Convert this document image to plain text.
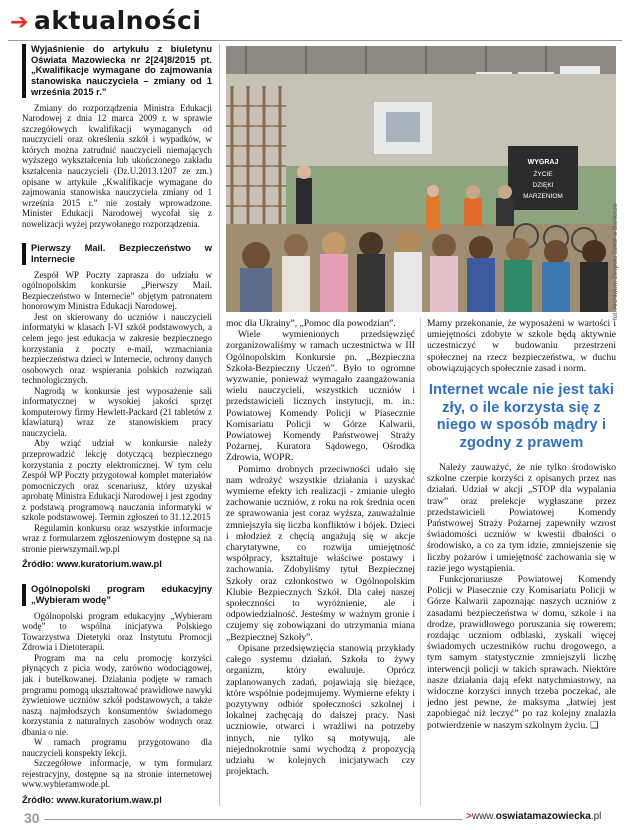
➔ aktualności
Wyjaśnienie do artykułu z biuletynu Oświata Mazowiecka nr 2[24]8/2015 pt. „Kwalifikacje wymagane do zajmowania stanowiska nauczyciela – zmiany od 1 września 2015 r.”

Zmiany do rozporządzenia Ministra Edukacji Narodowej z dnia 12 marca 2009 r. w sprawie szczegółowych kwalifikacji wymaganych od nauczycieli oraz określenia szkół i wypadków, w których można zatrudnić nauczycieli niemających wyższego wykształcenia lub ukończonego zakładu kształcenia nauczycieli (Dz.U.2013.1207 ze zm.) opisane w artykule „Kwalifikacje wymagane do zajmowania stanowiska nauczyciela zmiany od 1 września 2015 r.” nie zostały wprowadzone. Minister Edukacji Narodowej wycofał się z nowelizacji wyżej przywołanego rozporządzenia.

Pierwszy Mail. Bezpieczeństwo w Internecie

Zespół WP Poczty zaprasza do udziału w ogólnopolskim konkursie „Pierwszy Mail. Bezpieczeństwo w Internecie” objętym patronatem honorowym Ministra Edukacji Narodowej.

Jest on skierowany do uczniów i nauczycieli informatyki w klasach I-VI szkół podstawowych, a celem jego jest edukacja w zakresie bezpiecznego korzystania z poczty e-mail, wzmacniania bezpieczeństwa dzieci w Internecie, ochrony danych osobowych oraz wspierania polskich rozwiązań technologicznych.

Nagrodą w konkursie jest wyposażenie sali informatycznej w wysokiej jakości sprzęt komputerowy firmy Hewlett-Packard (21 tabletów z klawiaturą) wraz ze stanowiskiem pracy nauczyciela.

Aby wziąć udział w konkursie należy przeprowadzić lekcję dotyczącą bezpiecznego korzystania z poczty elektronicznej. W tym celu Zespół WP Poczty przygotował komplet materiałów pomocniczych oraz scenariusz, który uzyskał aprobatę Ministra Edukacji Narodowej i jest zgodny z podstawą programową nauczania informatyki w szkole podstawowej. Termin zgłoszeń to 31.12.2015

Regulamin konkursu oraz wszystkie informacje wraz z formularzem zgłoszeniowym dostępne są na stronie pierwszymail.wp.pl

Źródło: www.kuratorium.waw.pl
Ogólnopolski program edukacyjny „Wybieram wodę”

Ogólnopolski program edukacyjny „Wybieram wodę” to wspólna inicjatywa Polskiego Towarzystwa Dietetyki oraz Instytutu Promocji Zdrowia i Dietoterapii.

Program ma na celu promocję korzyści płynących z picia wody, zarówno wodociągowej, jak i butelkowanej. Działania podjęte w ramach programu pomogą ukształtować prawidłowe nawyki żywieniowe uczniów szkół podstawowych, a także naszą najmłodszych konsumentów świadomego korzystania z naturalnych zasobów wodnych oraz dbania o nie.

W ramach programu przygotowano dla nauczycieli konspekty lekcji.

Szczegółowe informacje, w tym formularz rejestracyjny, dostępne są na stronie internetowej www.wybieramwode.pl.

Źródło: www.kuratorium.waw.pl
WYGRAJ
ŻYCIE
DZIĘKI
MARZENIOM
fot. Archiwum Zespołu Szkół w Baniosze

moc dla Ukrainy”, „Pomoc dla powodzian”.

Wiele wymienionych przedsięwzięć zorganizowaliśmy w ramach uczestnictwa w III Ogólnopolskim Konkursie pn. „Bezpieczna Szkoła-Bezpieczny Uczeń”. Było to ogromne wyzwanie, ponieważ wymagało zaangażowania wielu nauczycieli, wszystkich uczniów i przedstawicieli licznych instytucji, m. in.: Powiatowej Komendy Policji w Piasecznie Komisariatu Policji w Górze Kalwarii, Powiatowej Komendy Państwowej Straży Pożarnej, Kuratora Sądowego, Ośrodka Zdrowia, WOPR.

Pomimo drobnych przeciwności udało się nam wdrożyć wszystkie działania i uzyskać wymierne efekty ich realizacji - zmianie uległo zachowanie uczniów, z roku na rok średnia ocen ze sprawowania jest coraz wyższa, zauważalnie zmniejszyła się liczba konfliktów i bójek. Dzieci i młodzież z chęcią angażują się w akcje charytatywne, co rozwija umiejętność współpracy, kształtuje właściwe postawy i zachowania. Zdobyliśmy tytuł Bezpiecznej Szkoły oraz członkostwo w Ogólnopolskim Klubie Bezpiecznych Szkół. Dla całej naszej społeczności to wyróżnienie, ale i odpowiedzialność. Jesteśmy w ważnym gronie i czujemy się zobowiązani do utrzymania miana „Bezpiecznej Szkoły”.

Opisane przedsięwzięcia stanowią przykłady całego systemu działań. Szkoła to żywy organizm, który ewaluuje. Oprócz zaplanowanych zadań, pojawiają się bieżące, które wspólnie podejmujemy. Wymierne efekty i pozytywny odbiór społeczności szkolnej i lokalnej zachęcają do dalszej pracy. Nasi uczniowie, otwarci i wrażliwi na potrzeby innych, nie tylko są motywują, ale niejednokrotnie sami wychodzą z propozycją udziału w kolejnych inicjatywach czy projektach.

Mamy przekonanie, że wyposażeni w wartości i umiejętności zdobyte w szkole będą aktywnie uczestniczyć w budowaniu przestrzeni społecznej na rzecz bezpieczeństwa, w duchu obowiązujących społecznie zasad i norm.

Internet wcale nie jest taki zły, o ile korzysta się z niego w sposób mądry i zgodny z prawem

Należy zauważyć, że nie tylko środowisko szkolne czerpie korzyści z opisanych przez nas działań. Udział w akcji „STOP dla wypalania traw” oraz prelekcje wygłaszane przez przedstawicieli Powiatowej Komendy Państwowej Straży Pożarnej zapewniły wzrost świadomości uczniów w kwestii dbałości o środowisko, a co za tym idzie, zmniejszenie się liczby pożarów i umiejętność zachowania się w razie jego wystąpienia.

Funkcjonariusze Powiatowej Komendy Policji w Piasecznie czy Komisariatu Policji w Górze Kalwarii zapoznając naszych uczniów z zasadami bezpieczeństwa w domu, szkole i na drodze, prawidłowego poruszania się rowerem; rozdając uczniom odblaski, zyskali więcej świadomych uczestników ruchu drogowego, a tym samym statystycznie zmniejszyli liczbę interwencji policji w takich sprawach. Niektóre nasze działania dają efekt natychmiastowy, na widoczne korzyści innych trzeba poczekać, ale jedno jest pewne, że maksyma „łatwiej jest zapobiegać niż leczyć” po raz kolejny znalazła potwierdzenie w naszym szkolnym życiu. ❑

30	>www.oswiatamazowiecka.pl
